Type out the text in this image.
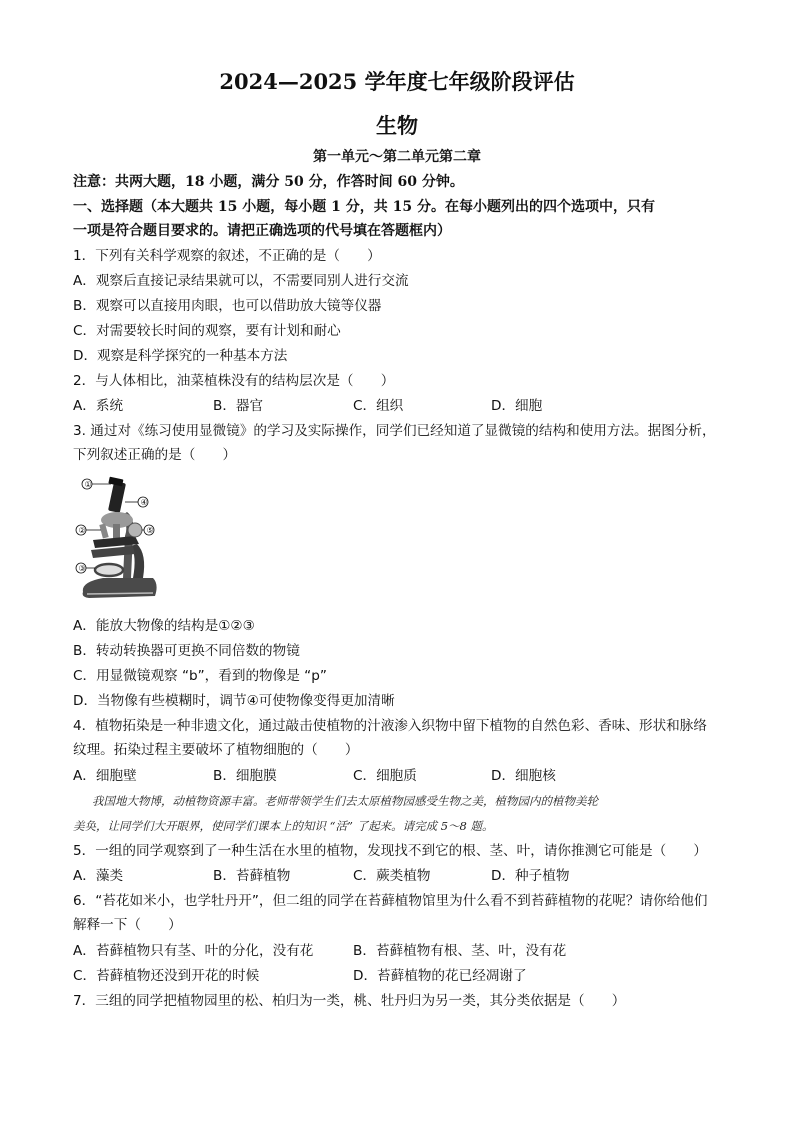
2024—2025 学年度七年级阶段评估
生物
第一单元～第二单元第二章
注意：共两大题，18 小题，满分 50 分，作答时间 60 分钟。
一、选择题（本大题共 15 小题，每小题 1 分，共 15 分。在每小题列出的四个选项中，只有
一项是符合题目要求的。请把正确选项的代号填在答题框内）
1．下列有关科学观察的叙述，不正确的是（　　）
A．观察后直接记录结果就可以，不需要同别人进行交流
B．观察可以直接用肉眼，也可以借助放大镜等仪器
C．对需要较长时间的观察，要有计划和耐心
D．观察是科学探究的一种基本方法
2．与人体相比，油菜植株没有的结构层次是（　　）
A．系统	B．器官	C．组织	D．细胞
3. 通过对《练习使用显微镜》的学习及实际操作，同学们已经知道了显微镜的结构和使用方法。据图分析，
下列叙述正确的是（　　）
①
④
②	⑤
③
A．能放大物像的结构是①②③
B．转动转换器可更换不同倍数的物镜
C．用显微镜观察 “b”，看到的物像是 “p”
D．当物像有些模糊时，调节④可使物像变得更加清晰
4．植物拓染是一种非遗文化，通过敲击使植物的汁液渗入织物中留下植物的自然色彩、香味、形状和脉络
纹理。拓染过程主要破坏了植物细胞的（　　）
A．细胞壁	B．细胞膜	C．细胞质	D．细胞核
我国地大物博，动植物资源丰富。老师带领学生们去太原植物园感受生物之美，植物园内的植物美轮
美奂，让同学们大开眼界，使同学们课本上的知识 “活” 了起来。请完成 5～8 题。
5．一组的同学观察到了一种生活在水里的植物，发现找不到它的根、茎、叶，请你推测它可能是（　　）
A．藻类	B．苔藓植物	C．蕨类植物	D．种子植物
6．“苔花如米小，也学牡丹开”，但二组的同学在苔藓植物馆里为什么看不到苔藓植物的花呢？请你给他们
解释一下（　　）
A．苔藓植物只有茎、叶的分化，没有花	B．苔藓植物有根、茎、叶，没有花
C．苔藓植物还没到开花的时候	D．苔藓植物的花已经凋谢了
7．三组的同学把植物园里的松、柏归为一类，桃、牡丹归为另一类，其分类依据是（　　）
